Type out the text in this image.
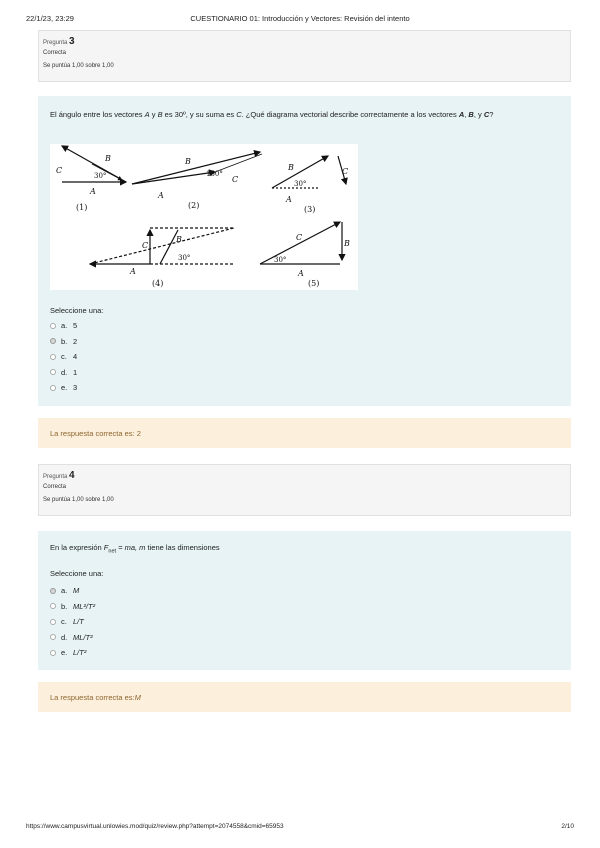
22/1/23, 23:29	CUESTIONARIO 01: Introducción y Vectores: Revisión del intento
Pregunta 3
Correcta
Se puntúa 1,00 sobre 1,00
El ángulo entre los vectores A y B es 30º, y su suma es C. ¿Qué diagrama vectorial describe correctamente a los vectores A, B, y C?
Seleccione una:
a. 5
b. 2
c. 4
d. 1
e. 3
B
C
A
30°
(1)
B
A
C
150°
(2)
B	C
A
30°
(3)
B
C
A
30°
(4)
C
B
A
30°
(5)
La respuesta correcta es: 2
Pregunta 4
Correcta
Se puntúa 1,00 sobre 1,00
En la expresión $F_{net}$ = ma, m tiene las dimensiones
Seleccione una:
a. M
b. ML²/T²
c. L/T
d. ML/T²
e. L/T²
La respuesta correcta es: M
https://www.campusvirtual.unlowies.mod/quiz/review.php?attempt=2074558&cmid=65953	2/10
